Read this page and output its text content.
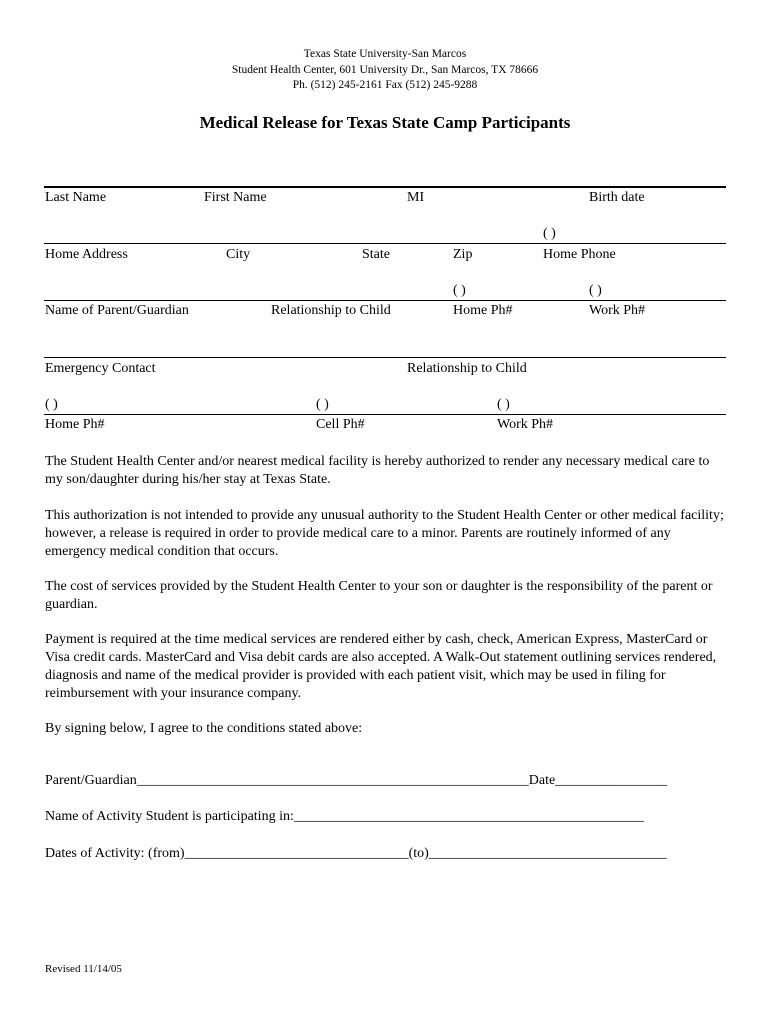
Texas State University-San Marcos
Student Health Center, 601 University Dr., San Marcos, TX 78666
Ph. (512) 245-2161 Fax (512) 245-9288
Medical Release for Texas State Camp Participants
Last Name	First Name	MI	Birth date
( )
Home Address	City	State	Zip	Home Phone
( )	( )
Name of Parent/Guardian	Relationship to Child	Home Ph#	Work Ph#
Emergency Contact	Relationship to Child
( )	( )	( )
Home Ph#	Cell Ph#	Work Ph#
The Student Health Center and/or nearest medical facility is hereby authorized to render any necessary medical care to my son/daughter during his/her stay at Texas State.
This authorization is not intended to provide any unusual authority to the Student Health Center or other medical facility; however, a release is required in order to provide medical care to a minor. Parents are routinely informed of any emergency medical condition that occurs.
The cost of services provided by the Student Health Center to your son or daughter is the responsibility of the parent or guardian.
Payment is required at the time medical services are rendered either by cash, check, American Express, MasterCard or Visa credit cards. MasterCard and Visa debit cards are also accepted. A Walk-Out statement outlining services rendered, diagnosis and name of the medical provider is provided with each patient visit, which may be used in filing for reimbursement with your insurance company.
By signing below, I agree to the conditions stated above:
Parent/Guardian________________________________________________________Date________________
Name of Activity Student is participating in:__________________________________________________
Dates of Activity: (from)________________________________(to)__________________________________
Revised 11/14/05
